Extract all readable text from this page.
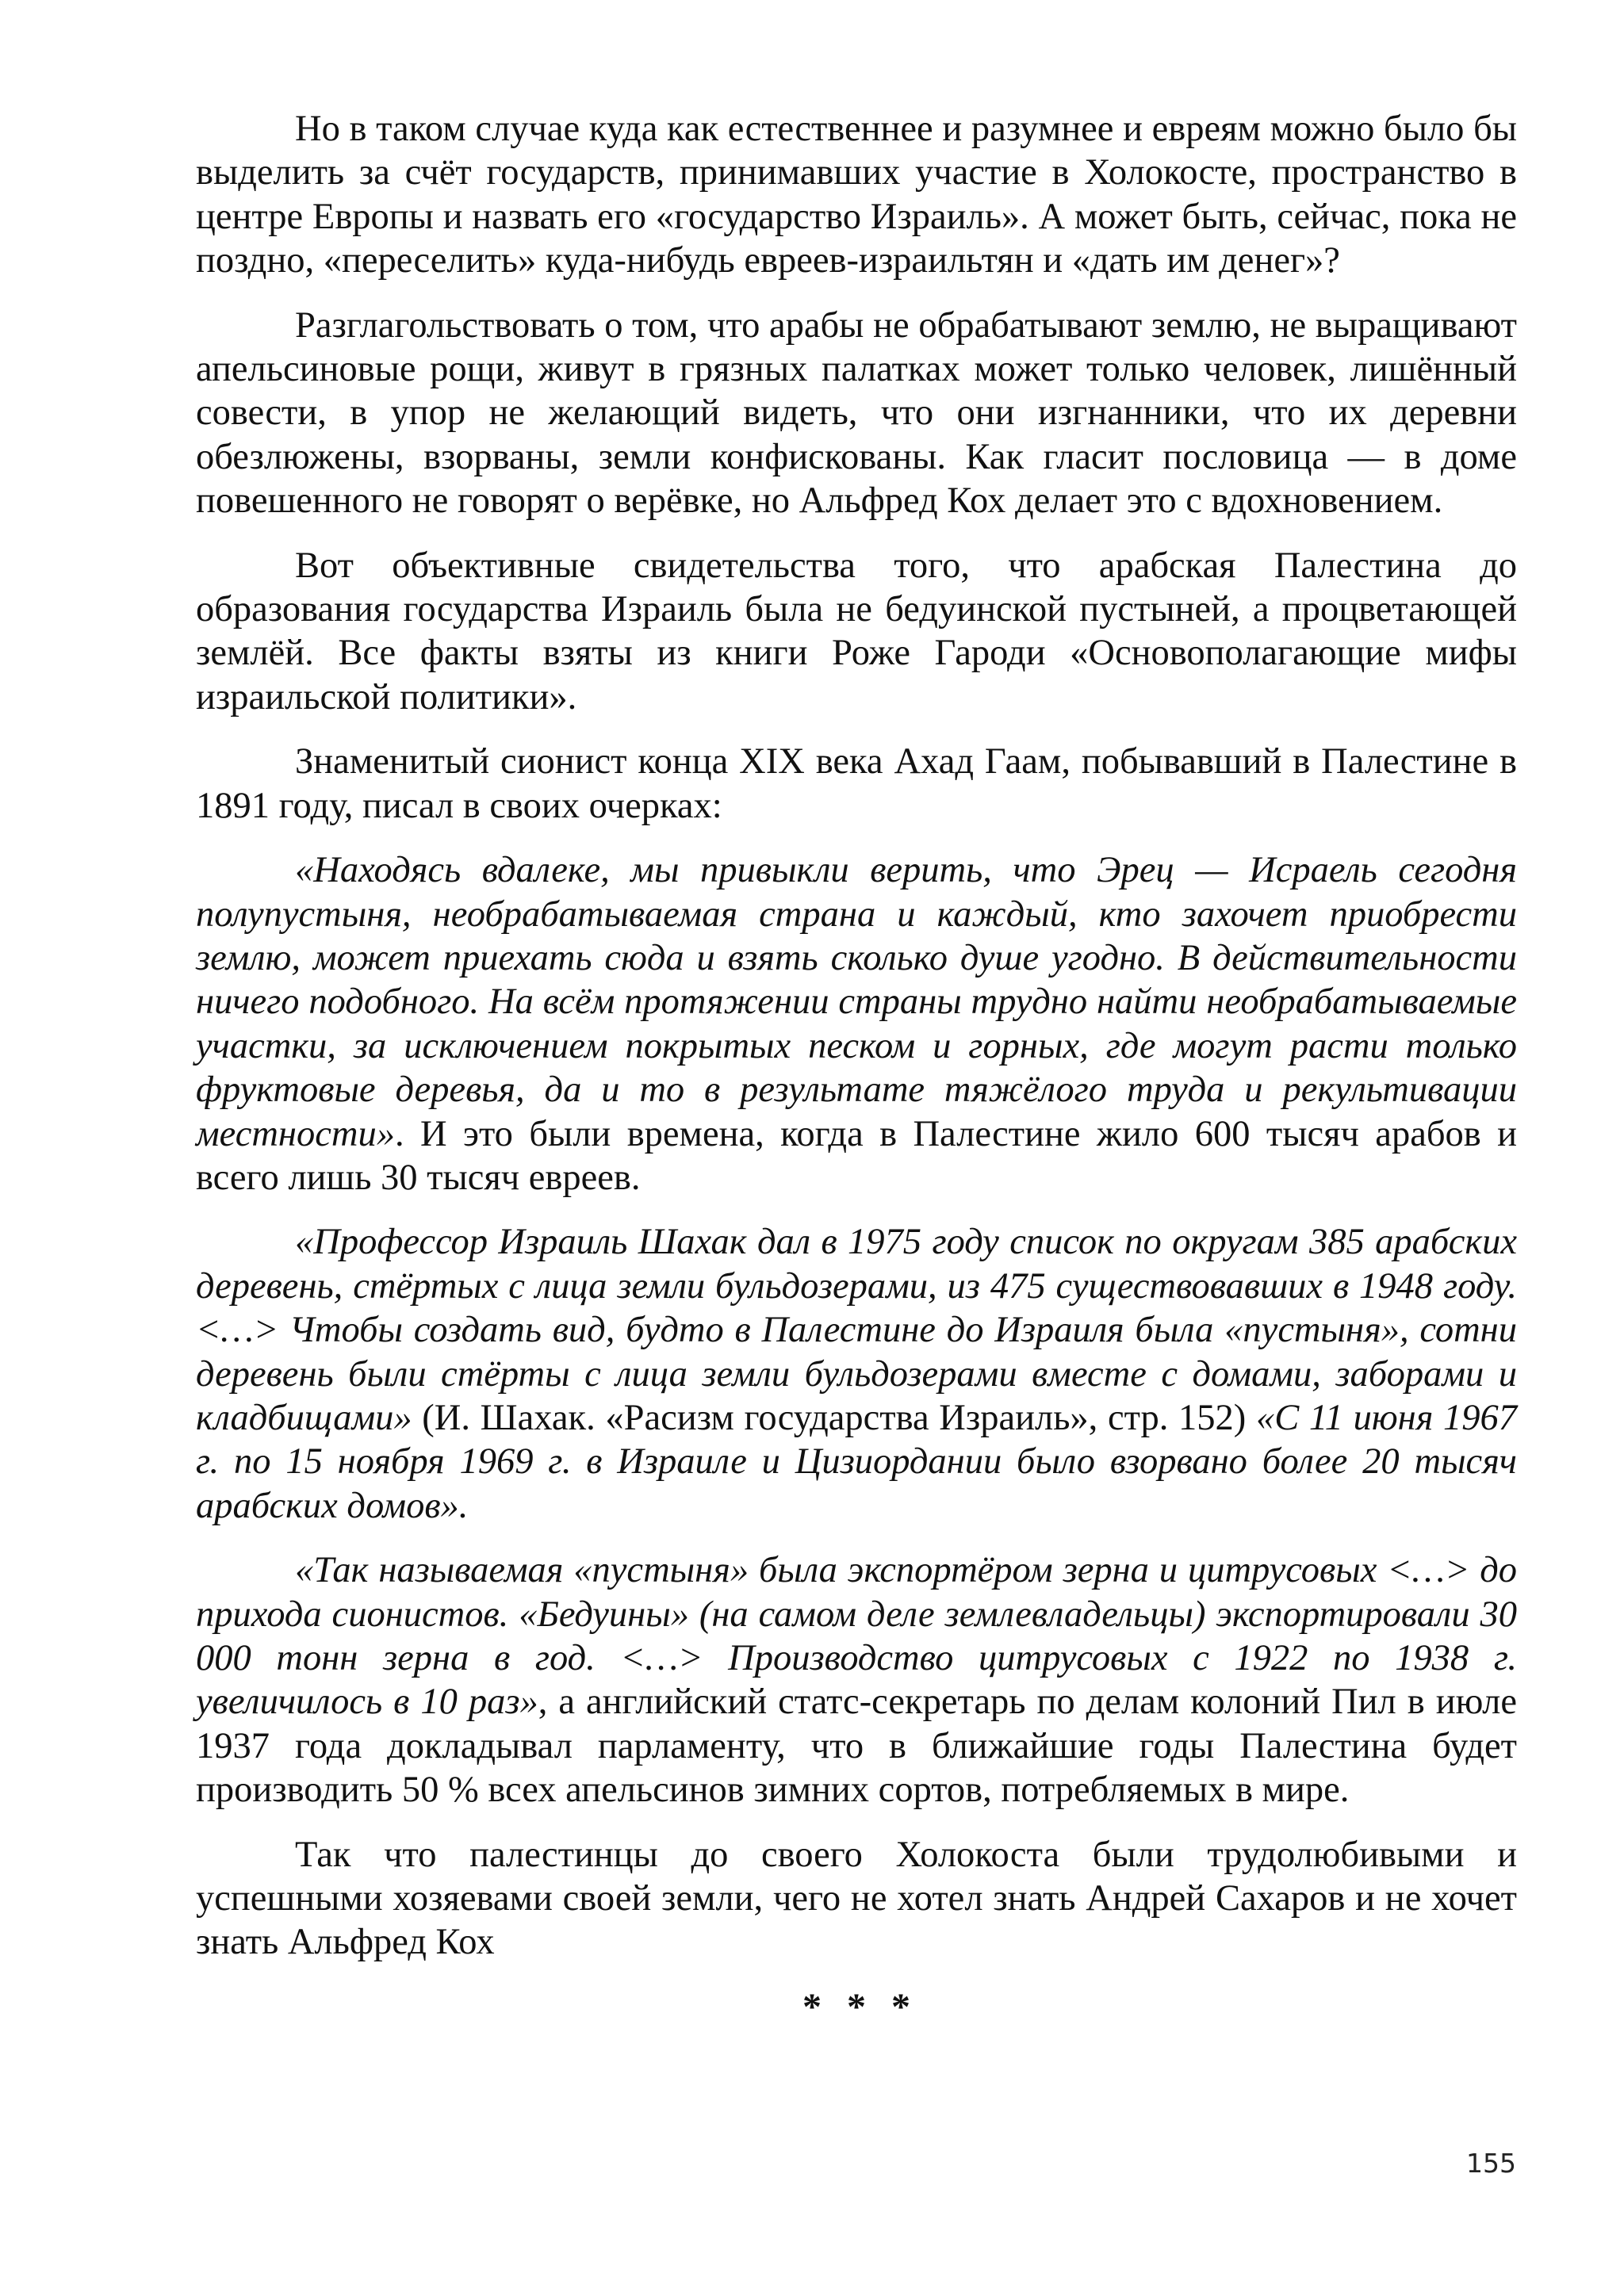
Но в таком случае куда как естественнее и разумнее и евреям можно было бы выделить за счёт государств, принимавших участие в Холокосте, пространство в центре Европы и назвать его «государство Израиль». А может быть, сейчас, пока не поздно, «переселить» куда-нибудь евреев-израильтян и «дать им денег»?

Разглагольствовать о том, что арабы не обрабатывают землю, не выращивают апельсиновые рощи, живут в грязных палатках может только человек, лишённый совести, в упор не желающий видеть, что они изгнанники, что их деревни обезлюжены, взорваны, земли конфискованы. Как гласит пословица — в доме повешенного не говорят о верёвке, но Альфред Кох делает это с вдохновением.

Вот объективные свидетельства того, что арабская Палестина до образования государства Израиль была не бедуинской пустыней, а процветающей землёй. Все факты взяты из книги Роже Гароди «Основополагающие мифы израильской политики».

Знаменитый сионист конца XIX века Ахад Гаам, побывавший в Палестине в 1891 году, писал в своих очерках:

«Находясь вдалеке, мы привыкли верить, что Эрец — Исраель сегодня полупустыня, необрабатываемая страна и каждый, кто захочет приобрести землю, может приехать сюда и взять сколько душе угодно. В действительности ничего подобного. На всём протяжении страны трудно найти необрабатываемые участки, за исключением покрытых песком и горных, где могут расти только фруктовые деревья, да и то в результате тяжёлого труда и рекультивации местности». И это были времена, когда в Палестине жило 600 тысяч арабов и всего лишь 30 тысяч евреев.

«Профессор Израиль Шахак дал в 1975 году список по округам 385 арабских деревень, стёртых с лица земли бульдозерами, из 475 существовавших в 1948 году. <…> Чтобы создать вид, будто в Палестине до Израиля была «пустыня», сотни деревень были стёрты с лица земли бульдозерами вместе с домами, заборами и кладбищами» (И. Шахак. «Расизм государства Израиль», стр. 152) «С 11 июня 1967 г. по 15 ноября 1969 г. в Израиле и Цизиордании было взорвано более 20 тысяч арабских домов».

«Так называемая «пустыня» была экспортёром зерна и цитрусовых <…> до прихода сионистов. «Бедуины» (на самом деле землевладельцы) экспортировали 30 000 тонн зерна в год. <…> Производство цитрусовых с 1922 по 1938 г. увеличилось в 10 раз», а английский статс-секретарь по делам колоний Пил в июле 1937 года докладывал парламенту, что в ближайшие годы Палестина будет производить 50 % всех апельсинов зимних сортов, потребляемых в мире.

Так что палестинцы до своего Холокоста были трудолюбивыми и успешными хозяевами своей земли, чего не хотел знать Андрей Сахаров и не хочет знать Альфред Кох

* * *
155
